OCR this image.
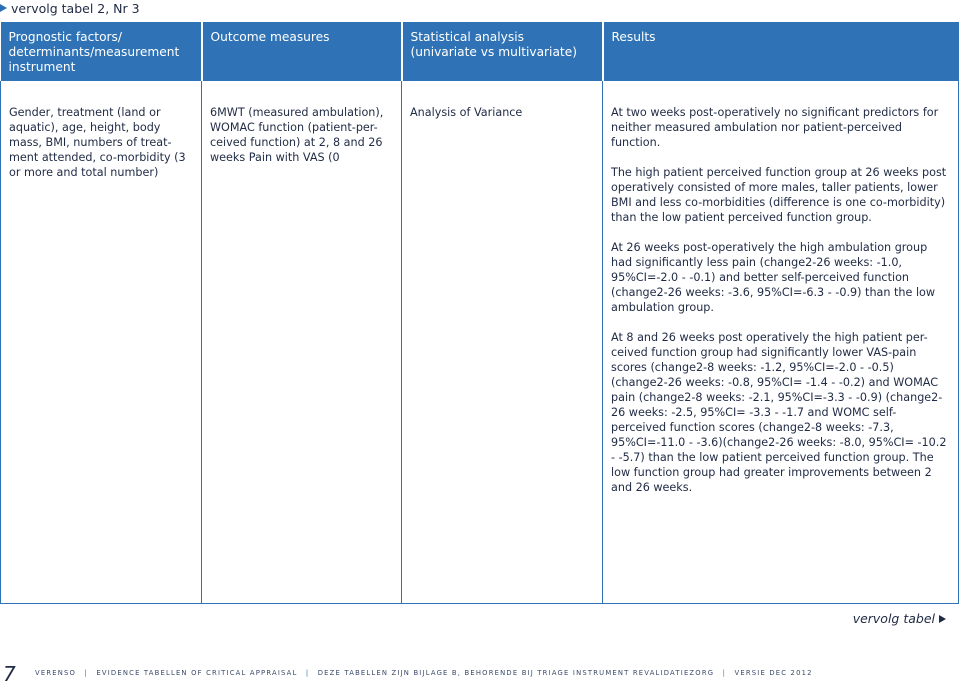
vervolg tabel 2, Nr 3
Prognostic factors/ determinants/measurement instrument	Outcome measures	Statistical analysis (univariate vs multivariate)	Results

Gender, treatment (land or aquatic), age, height, body mass, BMI, numbers of treat-ment attended, co-morbidity (3 or more and total number)	6MWT (measured ambulation), WOMAC function (patient-per-ceived function) at 2, 8 and 26 weeks Pain with VAS (0	Analysis of Variance	At two weeks post-operatively no significant predictors for neither measured ambulation nor patient-perceived function.
The high patient perceived function group at 26 weeks post operatively consisted of more males, taller patients, lower BMI and less co-morbidities (difference is one co-morbidity) than the low patient perceived function group.
At 26 weeks post-operatively the high ambulation group had significantly less pain (change2-26 weeks: -1.0, 95%CI=-2.0 - -0.1) and better self-perceived function (change2-26 weeks: -3.6, 95%CI=-6.3 - -0.9) than the low ambulation group.
At 8 and 26 weeks post operatively the high patient per-ceived function group had significantly lower VAS-pain scores (change2-8 weeks: -1.2, 95%CI=-2.0 - -0.5) (change2-26 weeks: -0.8, 95%CI= -1.4 - -0.2) and WOMAC pain (change2-8 weeks: -2.1, 95%CI=-3.3 - -0.9) (change2-26 weeks: -2.5, 95%CI= -3.3 - -1.7 and WOMC self-perceived function scores (change2-8 weeks: -7.3, 95%CI=-11.0 - -3.6)(change2-26 weeks: -8.0, 95%CI= -10.2 - -5.7) than the low patient perceived function group. The low function group had greater improvements between 2 and 26 weeks.
vervolg tabel
7	VERENSO | EVIDENCE TABELLEN OF CRITICAL APPRAISAL | DEZE TABELLEN ZIJN BIJLAGE B, BEHORENDE BIJ TRIAGE INSTRUMENT REVALIDATIEZORG | VERSIE DEC 2012
